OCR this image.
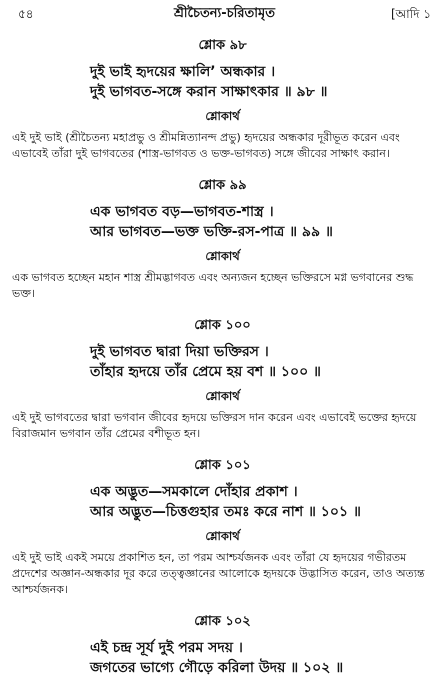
৫৪	শ্রীচৈতন্য-চরিতামৃত	[আদি ১
শ্লোক ৯৮
দুই ভাই হৃদয়ের ক্ষালি’ অন্ধকার ।
দুই ভাগবত-সঙ্গে করান সাক্ষাৎকার ॥ ৯৮ ॥
শ্লোকার্থ
এই দুই ভাই (শ্রীচৈতন্য মহাপ্রভু ও শ্রীমন্নিত্যানন্দ প্রভু) হৃদয়ের অন্ধকার দূরীভূত করেন এবং এভাবেই তাঁরা দুই ভাগবতের (শাস্ত্র-ভাগবত ও ভক্ত-ভাগবত) সঙ্গে জীবের সাক্ষাৎ করান।
শ্লোক ৯৯
এক ভাগবত বড়—ভাগবত-শাস্ত্র ।
আর ভাগবত—ভক্ত ভক্তি-রস-পাত্র ॥ ৯৯ ॥
শ্লোকার্থ
এক ভাগবত হচ্ছেন মহান শাস্ত্র শ্রীমদ্ভাগবত এবং অন্যজন হচ্ছেন ভক্তিরসে মগ্ন ভগবানের শুদ্ধ ভক্ত।
শ্লোক ১০০
দুই ভাগবত দ্বারা দিয়া ভক্তিরস ।
তাঁহার হৃদয়ে তাঁর প্রেমে হয় বশ ॥ ১০০ ॥
শ্লোকার্থ
এই দুই ভাগবতের দ্বারা ভগবান জীবের হৃদয়ে ভক্তিরস দান করেন এবং এভাবেই ভক্তের হৃদয়ে বিরাজমান ভগবান তাঁর প্রেমের বশীভূত হন।
শ্লোক ১০১
এক অদ্ভুত—সমকালে দোঁহার প্রকাশ ।
আর অদ্ভুত—চিত্তগুহার তমঃ করে নাশ ॥ ১০১ ॥
শ্লোকার্থ
এই দুই ভাই একই সময়ে প্রকাশিত হন, তা পরম আশ্চর্যজনক এবং তাঁরা যে হৃদয়ের গভীরতম প্রদেশের অজ্ঞান-অন্ধকার দূর করে তত্ত্বজ্ঞানের আলোকে হৃদয়কে উদ্ভাসিত করেন, তাও অত্যন্ত আশ্চর্যজনক।
শ্লোক ১০২
এই চন্দ্র সূর্য দুই পরম সদয় ।
জগতের ভাগ্যে গৌড়ে করিলা উদয় ॥ ১০২ ॥
